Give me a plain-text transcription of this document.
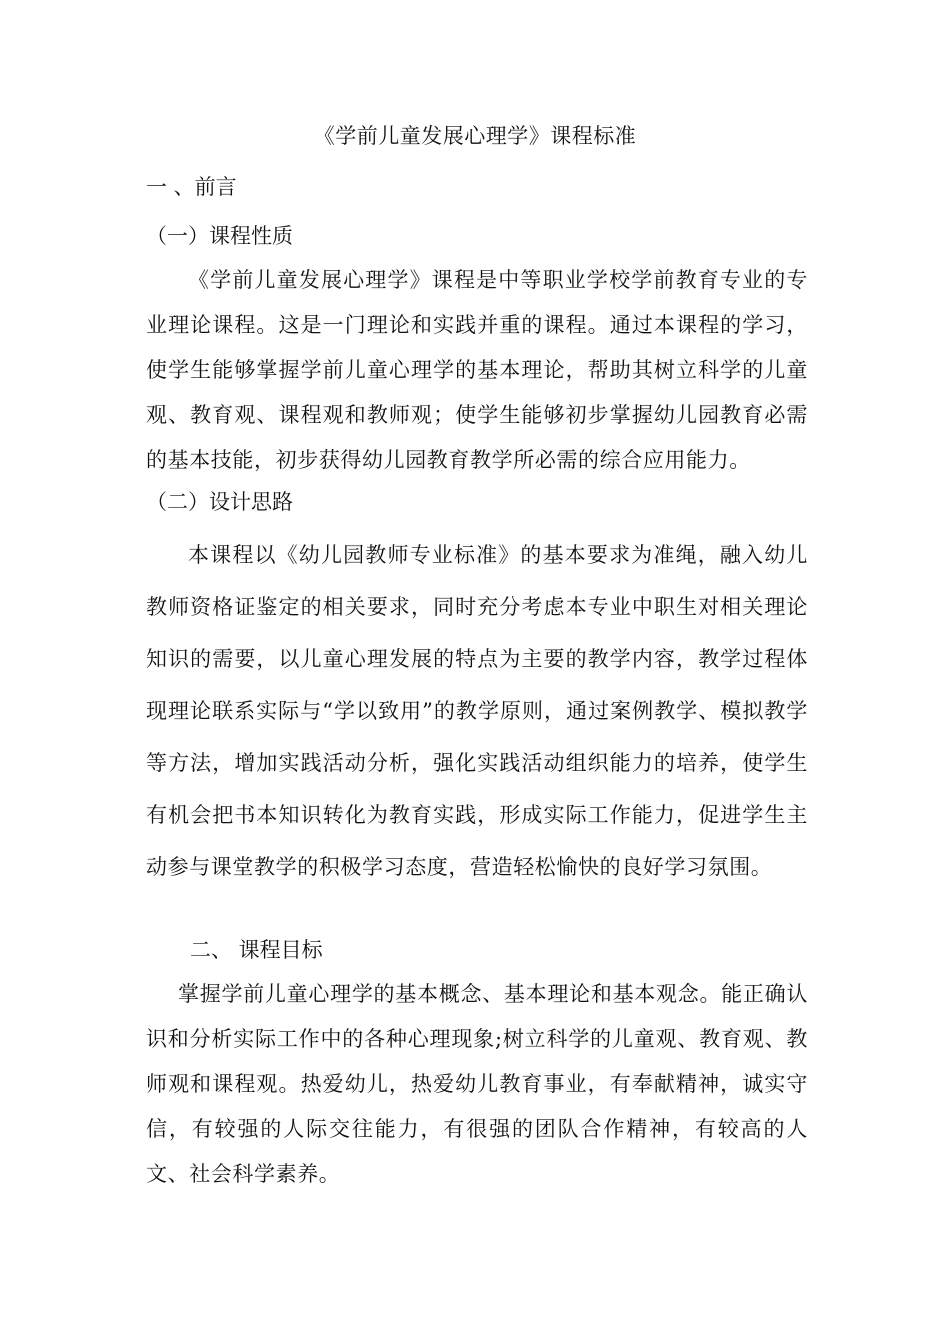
《学前儿童发展心理学》课程标准
一 、前言
（一）课程性质

《学前儿童发展心理学》课程是中等职业学校学前教育专业的专业理论课程。这是一门理论和实践并重的课程。通过本课程的学习，使学生能够掌握学前儿童心理学的基本理论，帮助其树立科学的儿童观、教育观、课程观和教师观；使学生能够初步掌握幼儿园教育必需的基本技能，初步获得幼儿园教育教学所必需的综合应用能力。

（二）设计思路

本课程以《幼儿园教师专业标准》的基本要求为准绳，融入幼儿教师资格证鉴定的相关要求，同时充分考虑本专业中职生对相关理论知识的需要，以儿童心理发展的特点为主要的教学内容，教学过程体现理论联系实际与“学以致用”的教学原则，通过案例教学、模拟教学等方法，增加实践活动分析，强化实践活动组织能力的培养，使学生有机会把书本知识转化为教育实践，形成实际工作能力，促进学生主动参与课堂教学的积极学习态度，营造轻松愉快的良好学习氛围。

二、 课程目标

掌握学前儿童心理学的基本概念、基本理论和基本观念。能正确认识和分析实际工作中的各种心理现象;树立科学的儿童观、教育观、教师观和课程观。热爱幼儿，热爱幼儿教育事业，有奉献精神，诚实守信，有较强的人际交往能力，有很强的团队合作精神，有较高的人文、社会科学素养。
